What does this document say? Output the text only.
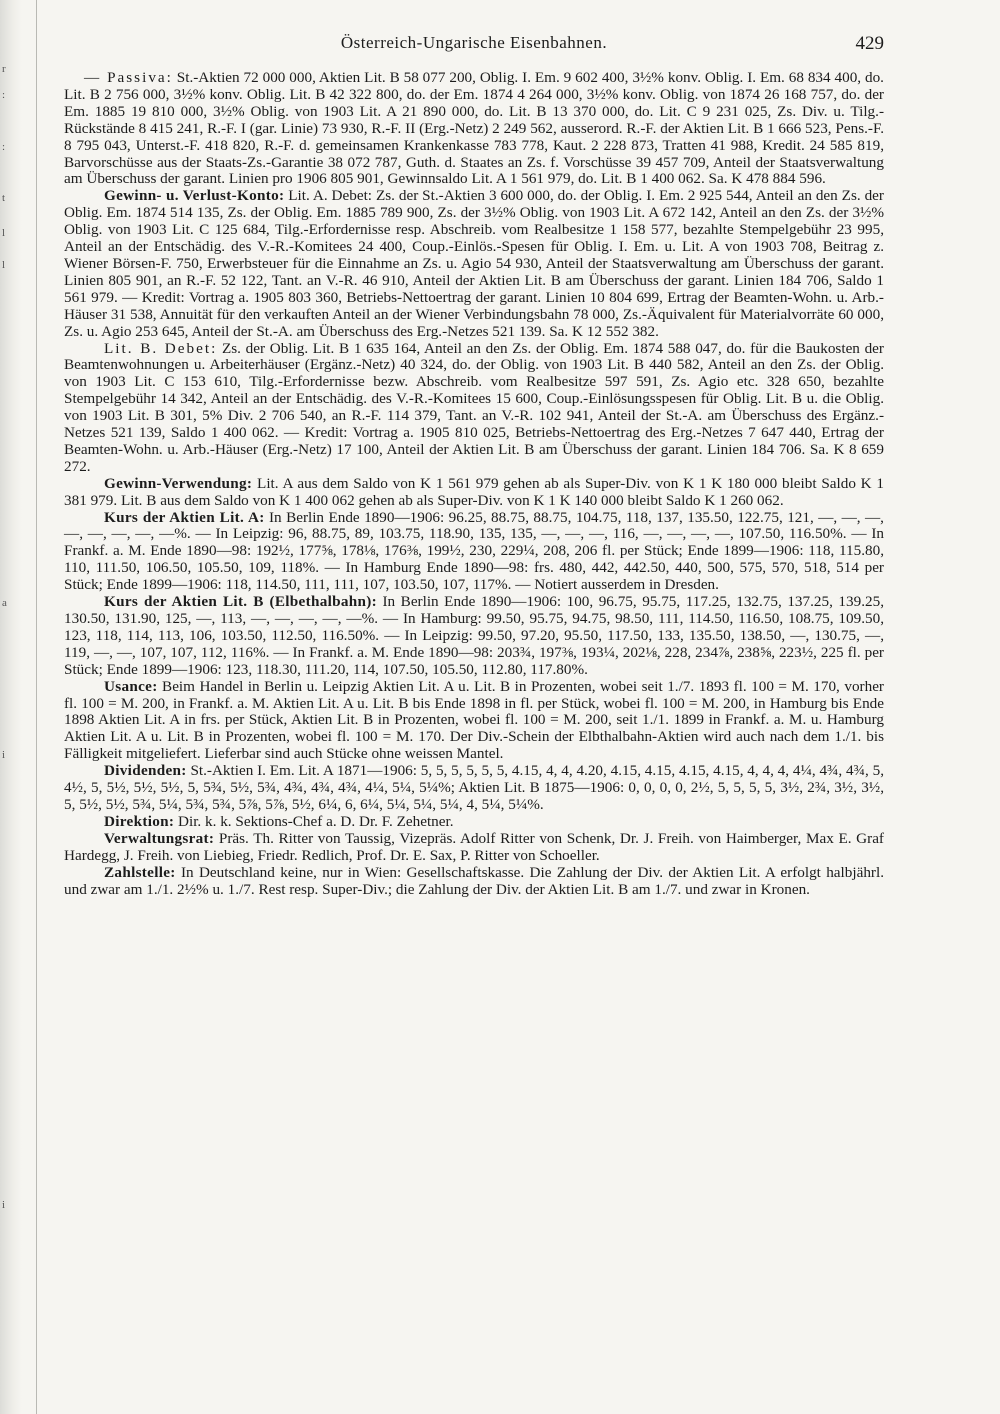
r
:
:
t
l
l
a
i
i
Österreich-Ungarische Eisenbahnen.	429

— Passiva: St.-Aktien 72 000 000, Aktien Lit. B 58 077 200, Oblig. I. Em. 9 602 400, 3½% konv. Oblig. I. Em. 68 834 400, do. Lit. B 2 756 000, 3½% konv. Oblig. Lit. B 42 322 800, do. der Em. 1874 4 264 000, 3½% konv. Oblig. von 1874 26 168 757, do. der Em. 1885 19 810 000, 3½% Oblig. von 1903 Lit. A 21 890 000, do. Lit. B 13 370 000, do. Lit. C 9 231 025, Zs. Div. u. Tilg.-Rückstände 8 415 241, R.-F. I (gar. Linie) 73 930, R.-F. II (Erg.-Netz) 2 249 562, ausserord. R.-F. der Aktien Lit. B 1 666 523, Pens.-F. 8 795 043, Unterst.-F. 418 820, R.-F. d. gemeinsamen Krankenkasse 783 778, Kaut. 2 228 873, Tratten 41 988, Kredit. 24 585 819, Barvorschüsse aus der Staats-Zs.-Garantie 38 072 787, Guth. d. Staates an Zs. f. Vorschüsse 39 457 709, Anteil der Staatsverwaltung am Überschuss der garant. Linien pro 1906 805 901, Gewinnsaldo Lit. A 1 561 979, do. Lit. B 1 400 062. Sa. K 478 884 596.

Gewinn- u. Verlust-Konto: Lit. A. Debet: Zs. der St.-Aktien 3 600 000, do. der Oblig. I. Em. 2 925 544, Anteil an den Zs. der Oblig. Em. 1874 514 135, Zs. der Oblig. Em. 1885 789 900, Zs. der 3½% Oblig. von 1903 Lit. A 672 142, Anteil an den Zs. der 3½% Oblig. von 1903 Lit. C 125 684, Tilg.-Erfordernisse resp. Abschreib. vom Realbesitze 1 158 577, bezahlte Stempelgebühr 23 995, Anteil an der Entschädig. des V.-R.-Komitees 24 400, Coup.-Einlös.-Spesen für Oblig. I. Em. u. Lit. A von 1903 708, Beitrag z. Wiener Börsen-F. 750, Erwerbsteuer für die Einnahme an Zs. u. Agio 54 930, Anteil der Staatsverwaltung am Überschuss der garant. Linien 805 901, an R.-F. 52 122, Tant. an V.-R. 46 910, Anteil der Aktien Lit. B am Überschuss der garant. Linien 184 706, Saldo 1 561 979. — Kredit: Vortrag a. 1905 803 360, Betriebs-Nettoertrag der garant. Linien 10 804 699, Ertrag der Beamten-Wohn. u. Arb.-Häuser 31 538, Annuität für den verkauften Anteil an der Wiener Verbindungsbahn 78 000, Zs.-Äquivalent für Materialvorräte 60 000, Zs. u. Agio 253 645, Anteil der St.-A. am Überschuss des Erg.-Netzes 521 139. Sa. K 12 552 382.

Lit. B. Debet: Zs. der Oblig. Lit. B 1 635 164, Anteil an den Zs. der Oblig. Em. 1874 588 047, do. für die Baukosten der Beamtenwohnungen u. Arbeiterhäuser (Ergänz.-Netz) 40 324, do. der Oblig. von 1903 Lit. B 440 582, Anteil an den Zs. der Oblig. von 1903 Lit. C 153 610, Tilg.-Erfordernisse bezw. Abschreib. vom Realbesitze 597 591, Zs. Agio etc. 328 650, bezahlte Stempelgebühr 14 342, Anteil an der Entschädig. des V.-R.-Komitees 15 600, Coup.-Einlösungsspesen für Oblig. Lit. B u. die Oblig. von 1903 Lit. B 301, 5% Div. 2 706 540, an R.-F. 114 379, Tant. an V.-R. 102 941, Anteil der St.-A. am Überschuss des Ergänz.-Netzes 521 139, Saldo 1 400 062. — Kredit: Vortrag a. 1905 810 025, Betriebs-Nettoertrag des Erg.-Netzes 7 647 440, Ertrag der Beamten-Wohn. u. Arb.-Häuser (Erg.-Netz) 17 100, Anteil der Aktien Lit. B am Überschuss der garant. Linien 184 706. Sa. K 8 659 272.

Gewinn-Verwendung: Lit. A aus dem Saldo von K 1 561 979 gehen ab als Super-Div. von K 1 K 180 000 bleibt Saldo K 1 381 979. Lit. B aus dem Saldo von K 1 400 062 gehen ab als Super-Div. von K 1 K 140 000 bleibt Saldo K 1 260 062.

Kurs der Aktien Lit. A: In Berlin Ende 1890—1906: 96.25, 88.75, 88.75, 104.75, 118, 137, 135.50, 122.75, 121, —, —, —, —, —, —, —, —%. — In Leipzig: 96, 88.75, 89, 103.75, 118.90, 135, 135, —, —, —, 116, —, —, —, —, 107.50, 116.50%. — In Frankf. a. M. Ende 1890—98: 192½, 177⅝, 178⅛, 176⅜, 199½, 230, 229¼, 208, 206 fl. per Stück; Ende 1899—1906: 118, 115.80, 110, 111.50, 106.50, 105.50, 109, 118%. — In Hamburg Ende 1890—98: frs. 480, 442, 442.50, 440, 500, 575, 570, 518, 514 per Stück; Ende 1899—1906: 118, 114.50, 111, 111, 107, 103.50, 107, 117%. — Notiert ausserdem in Dresden.

Kurs der Aktien Lit. B (Elbethalbahn): In Berlin Ende 1890—1906: 100, 96.75, 95.75, 117.25, 132.75, 137.25, 139.25, 130.50, 131.90, 125, —, 113, —, —, —, —, —%. — In Hamburg: 99.50, 95.75, 94.75, 98.50, 111, 114.50, 116.50, 108.75, 109.50, 123, 118, 114, 113, 106, 103.50, 112.50, 116.50%. — In Leipzig: 99.50, 97.20, 95.50, 117.50, 133, 135.50, 138.50, —, 130.75, —, 119, —, —, 107, 107, 112, 116%. — In Frankf. a. M. Ende 1890—98: 203¾, 197⅜, 193¼, 202⅛, 228, 234⅞, 238⅝, 223½, 225 fl. per Stück; Ende 1899—1906: 123, 118.30, 111.20, 114, 107.50, 105.50, 112.80, 117.80%.

Usance: Beim Handel in Berlin u. Leipzig Aktien Lit. A u. Lit. B in Prozenten, wobei seit 1./7. 1893 fl. 100 = M. 170, vorher fl. 100 = M. 200, in Frankf. a. M. Aktien Lit. A u. Lit. B bis Ende 1898 in fl. per Stück, wobei fl. 100 = M. 200, in Hamburg bis Ende 1898 Aktien Lit. A in frs. per Stück, Aktien Lit. B in Prozenten, wobei fl. 100 = M. 200, seit 1./1. 1899 in Frankf. a. M. u. Hamburg Aktien Lit. A u. Lit. B in Prozenten, wobei fl. 100 = M. 170. Der Div.-Schein der Elbthalbahn-Aktien wird auch nach dem 1./1. bis Fälligkeit mitgeliefert. Lieferbar sind auch Stücke ohne weissen Mantel.

Dividenden: St.-Aktien I. Em. Lit. A 1871—1906: 5, 5, 5, 5, 5, 5, 4.15, 4, 4, 4.20, 4.15, 4.15, 4.15, 4.15, 4, 4, 4, 4¼, 4¾, 4¾, 5, 4½, 5, 5½, 5½, 5½, 5, 5¾, 5½, 5¾, 4¾, 4¾, 4¾, 4¼, 5¼, 5¼%; Aktien Lit. B 1875—1906: 0, 0, 0, 0, 2½, 5, 5, 5, 5, 3½, 2¾, 3½, 3½, 5, 5½, 5½, 5¾, 5¼, 5¾, 5¾, 5⅞, 5⅞, 5½, 6¼, 6, 6¼, 5¼, 5¼, 5¼, 4, 5¼, 5¼%.

Direktion: Dir. k. k. Sektions-Chef a. D. Dr. F. Zehetner.

Verwaltungsrat: Präs. Th. Ritter von Taussig, Vizepräs. Adolf Ritter von Schenk, Dr. J. Freih. von Haimberger, Max E. Graf Hardegg, J. Freih. von Liebieg, Friedr. Redlich, Prof. Dr. E. Sax, P. Ritter von Schoeller.

Zahlstelle: In Deutschland keine, nur in Wien: Gesellschaftskasse. Die Zahlung der Div. der Aktien Lit. A erfolgt halbjährl. und zwar am 1./1. 2½% u. 1./7. Rest resp. Super-Div.; die Zahlung der Div. der Aktien Lit. B am 1./7. und zwar in Kronen.
